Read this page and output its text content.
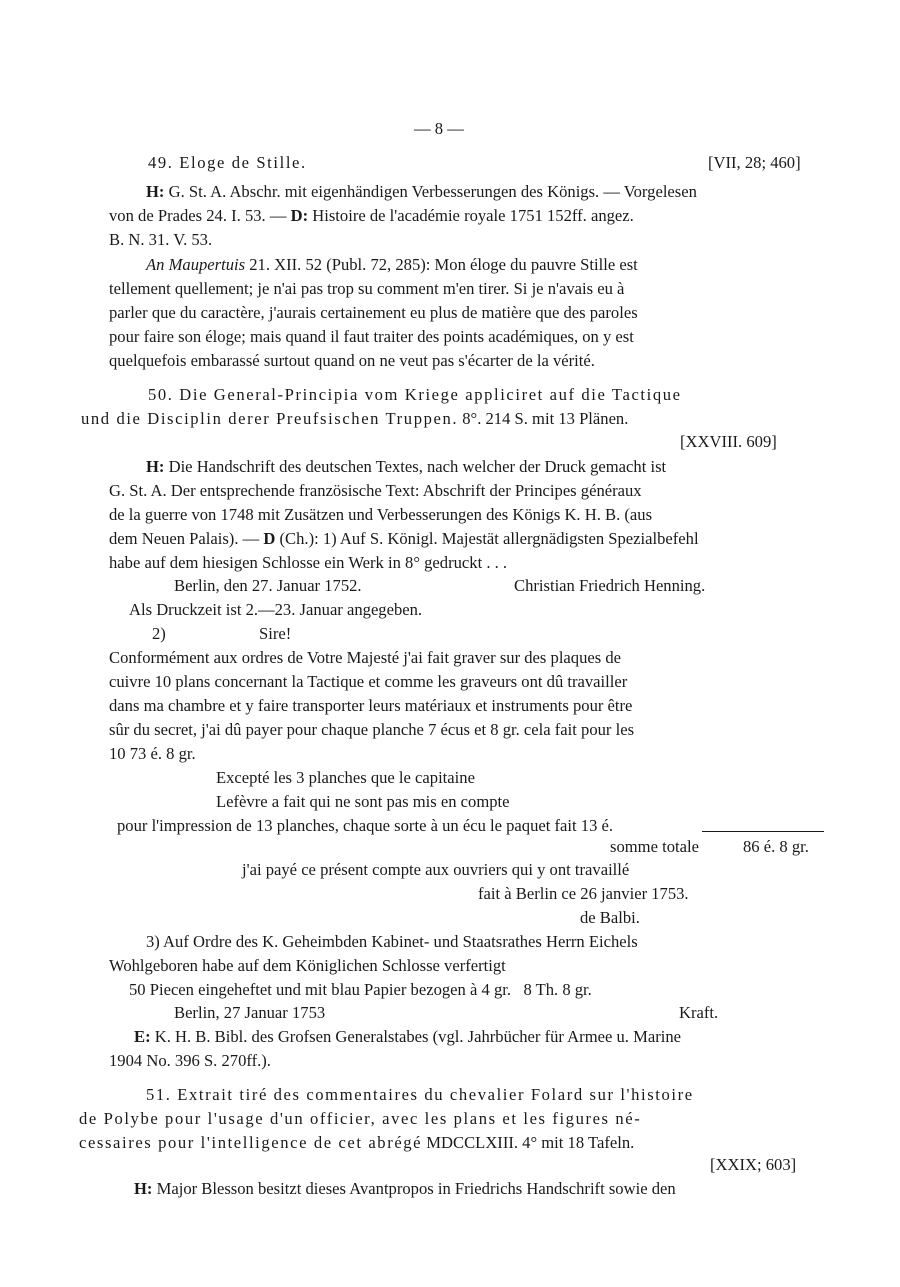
— 8 —
49. Eloge de Stille.	[VII, 28; 460]
H: G. St. A. Abschr. mit eigenhändigen Verbesserungen des Königs. — Vorgelesen
von de Prades 24. I. 53. — D: Histoire de l'académie royale 1751 152ff. angez.
B. N. 31. V. 53.
An Maupertuis 21. XII. 52 (Publ. 72, 285): Mon éloge du pauvre Stille est
tellement quellement; je n'ai pas trop su comment m'en tirer. Si je n'avais eu à
parler que du caractère, j'aurais certainement eu plus de matière que des paroles
pour faire son éloge; mais quand il faut traiter des points académiques, on y est
quelquefois embarassé surtout quand on ne veut pas s'écarter de la vérité.
50. Die General-Principia vom Kriege appliciret auf die Tactique
und die Disciplin derer Preufsischen Truppen. 8°. 214 S. mit 13 Plänen.
[XXVIII. 609]
H: Die Handschrift des deutschen Textes, nach welcher der Druck gemacht ist
G. St. A. Der entsprechende französische Text: Abschrift der Principes généraux
de la guerre von 1748 mit Zusätzen und Verbesserungen des Königs K. H. B. (aus
dem Neuen Palais). — D (Ch.): 1) Auf S. Königl. Majestät allergnädigsten Spezialbefehl
habe auf dem hiesigen Schlosse ein Werk in 8° gedruckt . . .
Berlin, den 27. Januar 1752.	Christian Friedrich Henning.
Als Druckzeit ist 2.—23. Januar angegeben.
2)	Sire!
Conformément aux ordres de Votre Majesté j'ai fait graver sur des plaques de
cuivre 10 plans concernant la Tactique et comme les graveurs ont dû travailler
dans ma chambre et y faire transporter leurs matériaux et instruments pour être
sûr du secret, j'ai dû payer pour chaque planche 7 écus et 8 gr. cela fait pour les
10 73 é. 8 gr.
Excepté les 3 planches que le capitaine
Lefèvre a fait qui ne sont pas mis en compte
pour l'impression de 13 planches, chaque sorte à un écu le paquet fait 13 é.
somme totale	86 é. 8 gr.
j'ai payé ce présent compte aux ouvriers qui y ont travaillé
fait à Berlin ce 26 janvier 1753.
de Balbi.
3) Auf Ordre des K. Geheimbden Kabinet- und Staatsrathes Herrn Eichels
Wohlgeboren habe auf dem Königlichen Schlosse verfertigt
50 Piecen eingeheftet und mit blau Papier bezogen à 4 gr.   8 Th. 8 gr.
Berlin, 27 Januar 1753	Kraft.
E: K. H. B. Bibl. des Grofsen Generalstabes (vgl. Jahrbücher für Armee u. Marine
1904 No. 396 S. 270ff.).
51. Extrait tiré des commentaires du chevalier Folard sur l'histoire
de Polybe pour l'usage d'un officier, avec les plans et les figures né-
cessaires pour l'intelligence de cet abrégé MDCCLXIII. 4° mit 18 Tafeln.
[XXIX; 603]
H: Major Blesson besitzt dieses Avantpropos in Friedrichs Handschrift sowie den
